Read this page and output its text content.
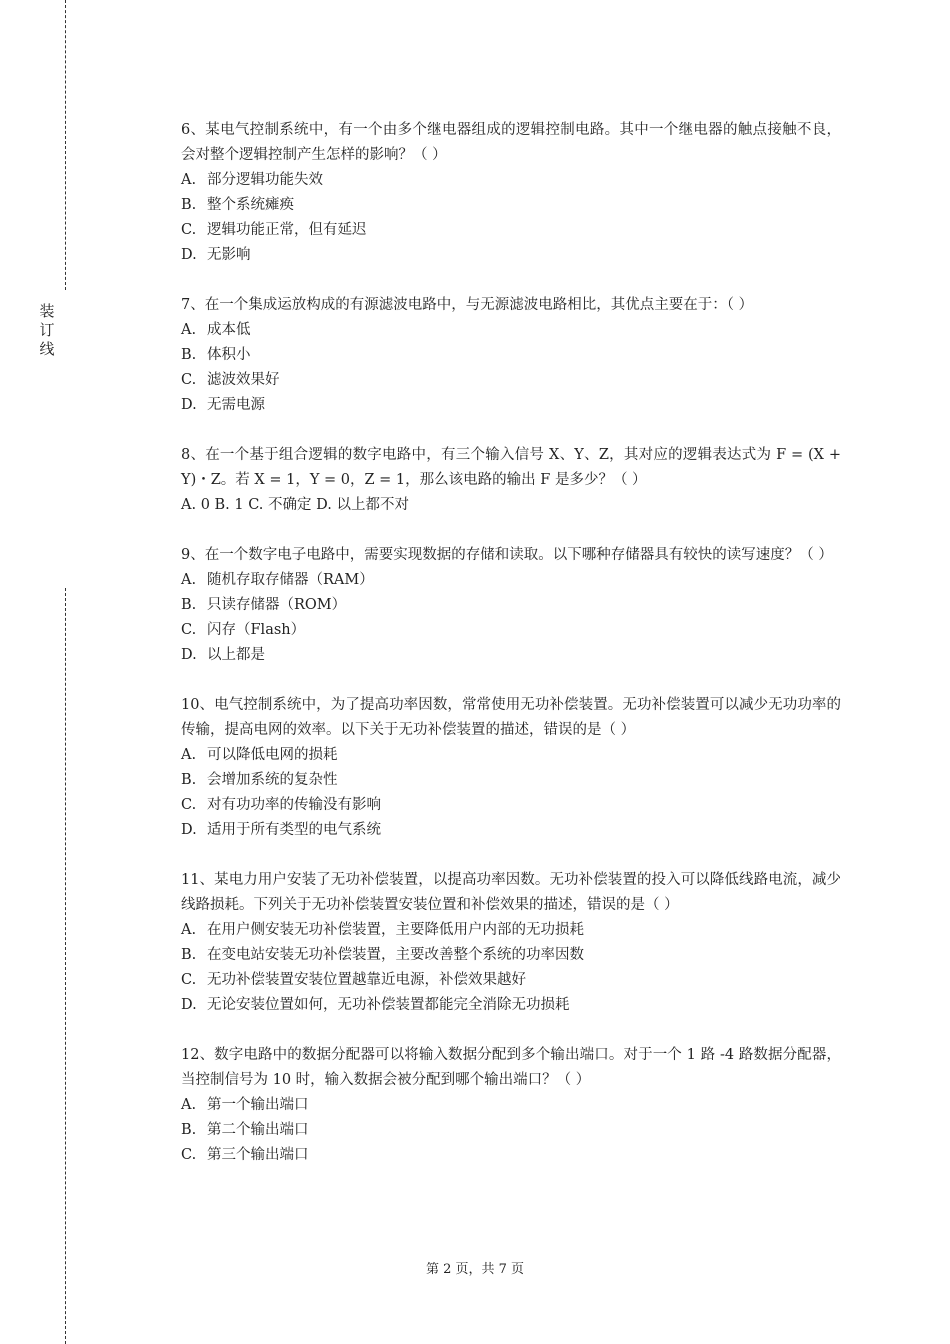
装
订
线
6、某电气控制系统中，有一个由多个继电器组成的逻辑控制电路。其中一个继电器的触点接触不良，会对整个逻辑控制产生怎样的影响？（ ）
A. 部分逻辑功能失效
B. 整个系统瘫痪
C. 逻辑功能正常，但有延迟
D. 无影响
7、在一个集成运放构成的有源滤波电路中，与无源滤波电路相比，其优点主要在于：（ ）
A. 成本低
B. 体积小
C. 滤波效果好
D. 无需电源
8、在一个基于组合逻辑的数字电路中，有三个输入信号 X、Y、Z，其对应的逻辑表达式为 F = (X + Y)・Z。若 X = 1，Y = 0，Z = 1，那么该电路的输出 F 是多少？（ ）
A. 0 B. 1 C. 不确定 D. 以上都不对
9、在一个数字电子电路中，需要实现数据的存储和读取。以下哪种存储器具有较快的读写速度？（ ）
A. 随机存取存储器（RAM）
B. 只读存储器（ROM）
C. 闪存（Flash）
D. 以上都是
10、电气控制系统中，为了提高功率因数，常常使用无功补偿装置。无功补偿装置可以减少无功功率的传输，提高电网的效率。以下关于无功补偿装置的描述，错误的是（ ）
A. 可以降低电网的损耗
B. 会增加系统的复杂性
C. 对有功功率的传输没有影响
D. 适用于所有类型的电气系统
11、某电力用户安装了无功补偿装置，以提高功率因数。无功补偿装置的投入可以降低线路电流，减少线路损耗。下列关于无功补偿装置安装位置和补偿效果的描述，错误的是（ ）
A. 在用户侧安装无功补偿装置，主要降低用户内部的无功损耗
B. 在变电站安装无功补偿装置，主要改善整个系统的功率因数
C. 无功补偿装置安装位置越靠近电源，补偿效果越好
D. 无论安装位置如何，无功补偿装置都能完全消除无功损耗
12、数字电路中的数据分配器可以将输入数据分配到多个输出端口。对于一个 1 路 -4 路数据分配器，当控制信号为 10 时，输入数据会被分配到哪个输出端口？（ ）
A. 第一个输出端口
B. 第二个输出端口
C. 第三个输出端口
第 2 页，共 7 页
